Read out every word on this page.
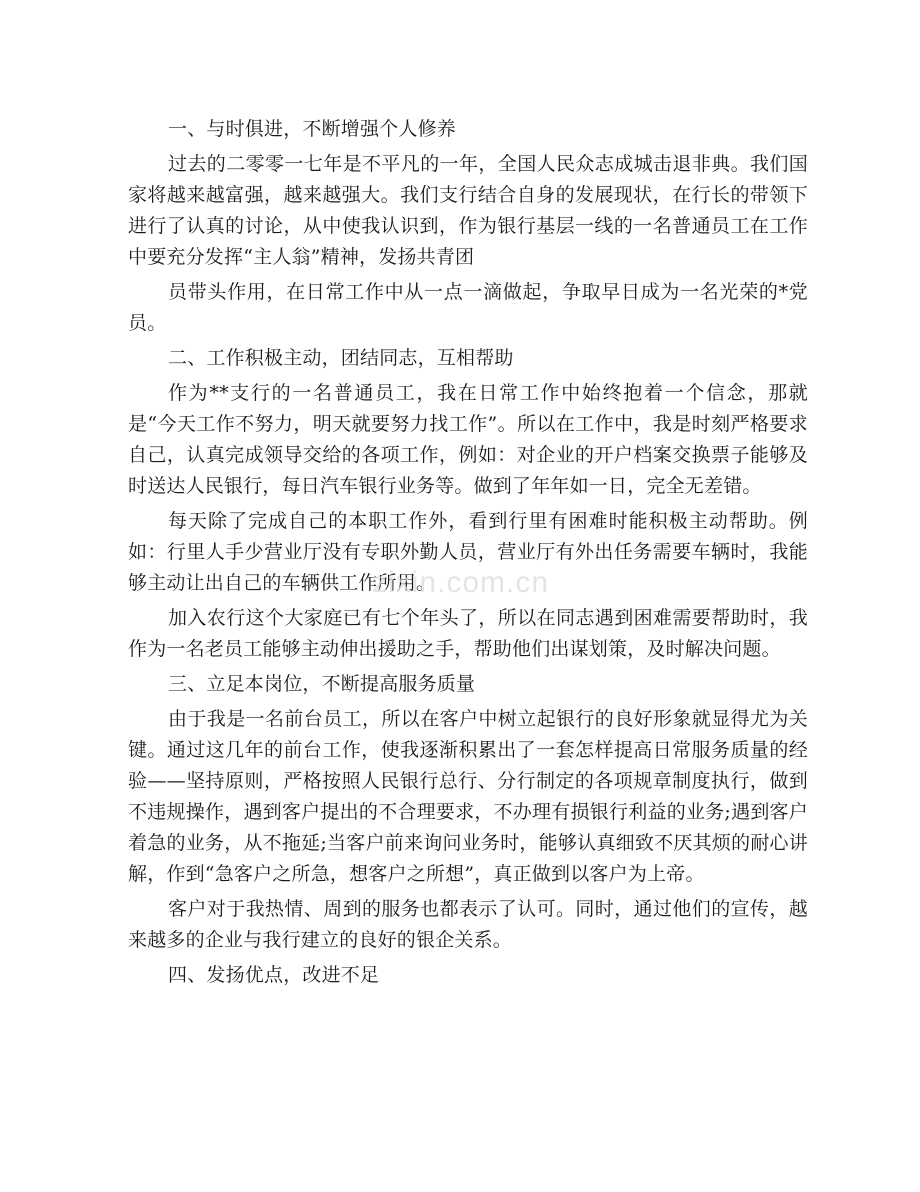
一、与时俱进，不断增强个人修养
过去的二零零一七年是不平凡的一年，全国人民众志成城击退非典。我们国家将越来越富强，越来越强大。我们支行结合自身的发展现状，在行长的带领下进行了认真的讨论，从中使我认识到，作为银行基层一线的一名普通员工在工作中要充分发挥“主人翁”精神，发扬共青团
员带头作用，在日常工作中从一点一滴做起，争取早日成为一名光荣的*党员。
二、工作积极主动，团结同志，互相帮助
作为**支行的一名普通员工，我在日常工作中始终抱着一个信念，那就是“今天工作不努力，明天就要努力找工作”。所以在工作中，我是时刻严格要求自己，认真完成领导交给的各项工作，例如：对企业的开户档案交换票子能够及时送达人民银行，每日汽车银行业务等。做到了年年如一日，完全无差错。
每天除了完成自己的本职工作外，看到行里有困难时能积极主动帮助。例如：行里人手少营业厅没有专职外勤人员，营业厅有外出任务需要车辆时，我能够主动让出自己的车辆供工作所用。
加入农行这个大家庭已有七个年头了，所以在同志遇到困难需要帮助时，我作为一名老员工能够主动伸出援助之手，帮助他们出谋划策，及时解决问题。
三、立足本岗位，不断提高服务质量
由于我是一名前台员工，所以在客户中树立起银行的良好形象就显得尤为关键。通过这几年的前台工作，使我逐渐积累出了一套怎样提高日常服务质量的经验——坚持原则，严格按照人民银行总行、分行制定的各项规章制度执行，做到不违规操作，遇到客户提出的不合理要求，不办理有损银行利益的业务;遇到客户着急的业务，从不拖延;当客户前来询问业务时，能够认真细致不厌其烦的耐心讲解，作到“急客户之所急，想客户之所想”，真正做到以客户为上帝。
客户对于我热情、周到的服务也都表示了认可。同时，通过他们的宣传，越来越多的企业与我行建立的良好的银企关系。
四、发扬优点，改进不足
zixin.com.cn
